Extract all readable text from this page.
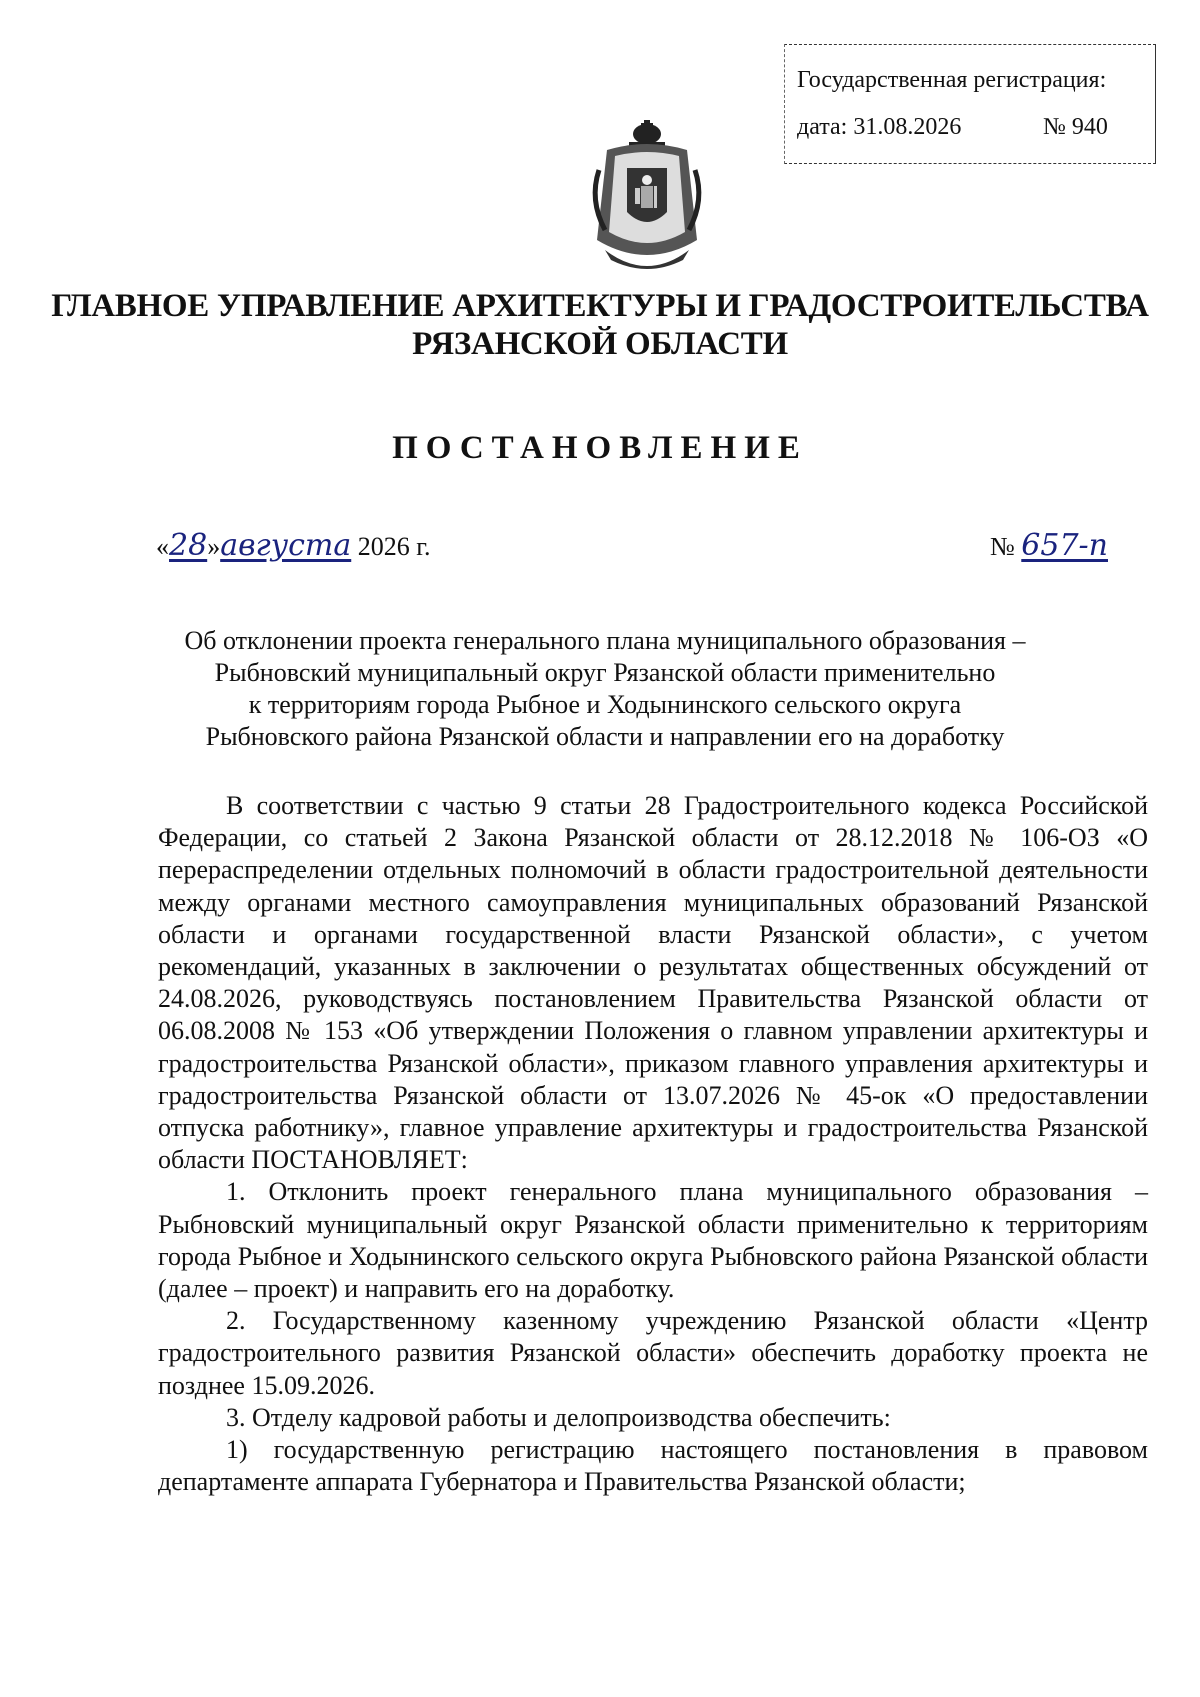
Государственная регистрация:
дата: 31.08.2026	№ 940
ГЛАВНОЕ УПРАВЛЕНИЕ АРХИТЕКТУРЫ И ГРАДОСТРОИТЕЛЬСТВА
РЯЗАНСКОЙ ОБЛАСТИ
ПОСТАНОВЛЕНИЕ
«28»августа 2026 г.	№ 657-п
Об отклонении проекта генерального плана муниципального образования –
Рыбновский муниципальный округ Рязанской области применительно
к территориям города Рыбное и Ходынинского сельского округа
Рыбновского района Рязанской области и направлении его на доработку

В соответствии с частью 9 статьи 28 Градостроительного кодекса Российской Федерации, со статьей 2 Закона Рязанской области от 28.12.2018 № 106-ОЗ «О перераспределении отдельных полномочий в области градостроительной деятельности между органами местного самоуправления муниципальных образований Рязанской области и органами государственной власти Рязанской области», с учетом рекомендаций, указанных в заключении о результатах общественных обсуждений от 24.08.2026, руководствуясь постановлением Правительства Рязанской области от 06.08.2008 № 153 «Об утверждении Положения о главном управлении архитектуры и градостроительства Рязанской области», приказом главного управления архитектуры и градостроительства Рязанской области от 13.07.2026 № 45-ок «О предоставлении отпуска работнику», главное управление архитектуры и градостроительства Рязанской области ПОСТАНОВЛЯЕТ:

1. Отклонить проект генерального плана муниципального образования – Рыбновский муниципальный округ Рязанской области применительно к территориям города Рыбное и Ходынинского сельского округа Рыбновского района Рязанской области (далее – проект) и направить его на доработку.

2. Государственному казенному учреждению Рязанской области «Центр градостроительного развития Рязанской области» обеспечить доработку проекта не позднее 15.09.2026.

3. Отделу кадровой работы и делопроизводства обеспечить:

1) государственную регистрацию настоящего постановления в правовом департаменте аппарата Губернатора и Правительства Рязанской области;
